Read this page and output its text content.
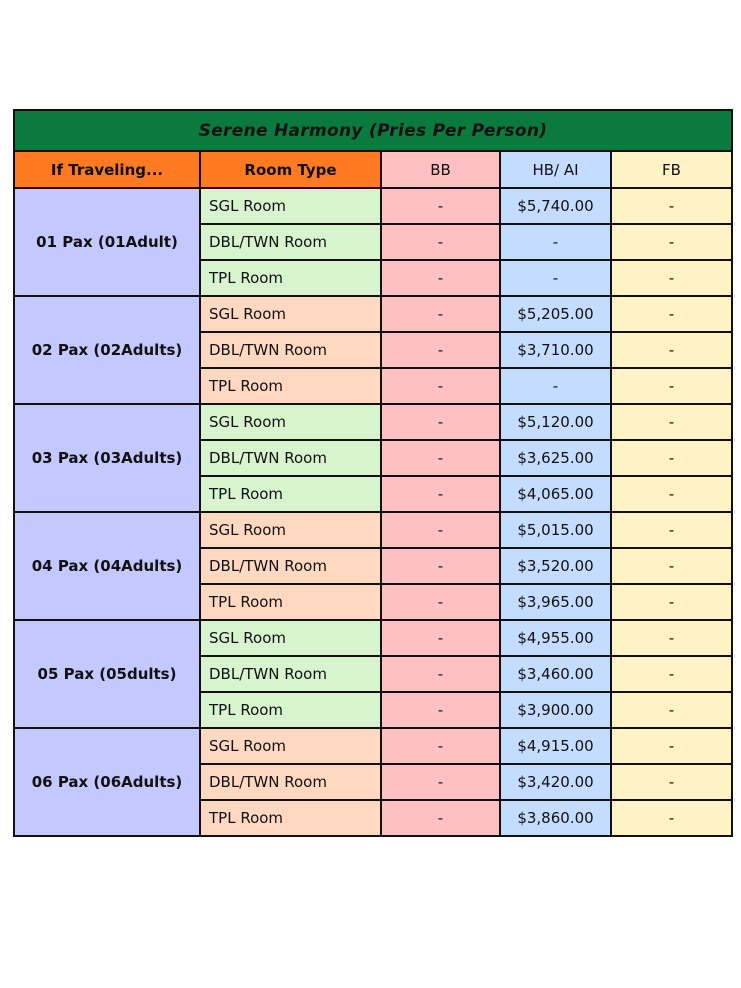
Serene Harmony (Pries Per Person)				
If Traveling...	Room Type	BB	HB/ AI	FB
01 Pax (01Adult)	SGL Room	-	$5,740.00	-
	DBL/TWN Room	-	-	-
	TPL Room	-	-	-
02 Pax (02Adults)	SGL Room	-	$5,205.00	-
	DBL/TWN Room	-	$3,710.00	-
	TPL Room	-	-	-
03 Pax (03Adults)	SGL Room	-	$5,120.00	-
	DBL/TWN Room	-	$3,625.00	-
	TPL Room	-	$4,065.00	-
04 Pax (04Adults)	SGL Room	-	$5,015.00	-
	DBL/TWN Room	-	$3,520.00	-
	TPL Room	-	$3,965.00	-
05 Pax (05dults)	SGL Room	-	$4,955.00	-
	DBL/TWN Room	-	$3,460.00	-
	TPL Room	-	$3,900.00	-
06 Pax (06Adults)	SGL Room	-	$4,915.00	-
	DBL/TWN Room	-	$3,420.00	-
	TPL Room	-	$3,860.00	-
